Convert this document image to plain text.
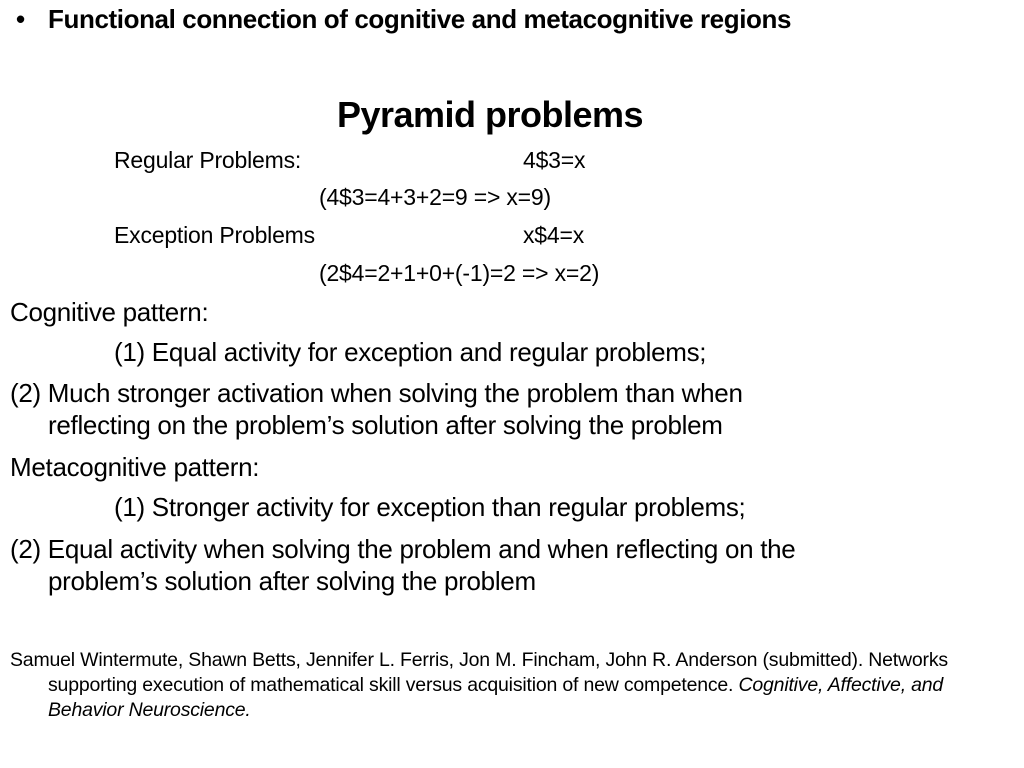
• Functional connection of cognitive and metacognitive regions
Pyramid problems
Regular Problems:	4$3=x
(4$3=4+3+2=9 => x=9)
Exception Problems	x$4=x
(2$4=2+1+0+(-1)=2 => x=2)
Cognitive pattern:
(1) Equal activity for exception and regular problems;
(2) Much stronger activation when solving the problem than when
reflecting on the problem’s solution after solving the problem
Metacognitive pattern:
(1) Stronger activity for exception than regular problems;
(2) Equal activity when solving the problem and when reflecting on the
problem’s solution after solving the problem
Samuel Wintermute, Shawn Betts, Jennifer L. Ferris, Jon M. Fincham, John R. Anderson (submitted). Networks supporting execution of mathematical skill versus acquisition of new competence. Cognitive, Affective, and Behavior Neuroscience.
